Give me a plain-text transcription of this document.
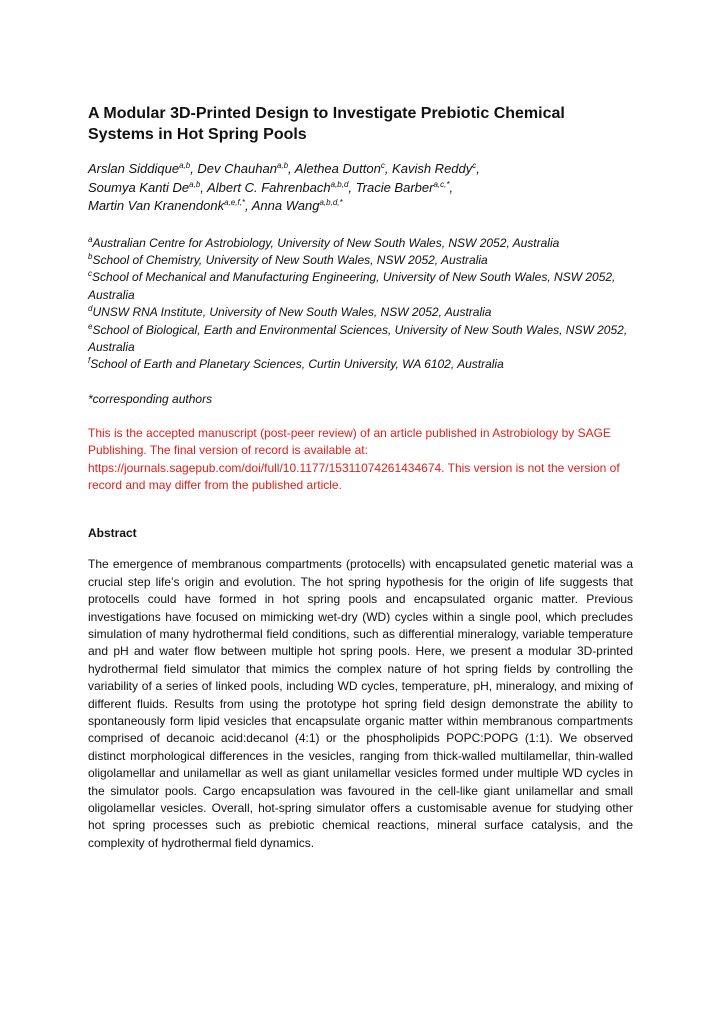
A Modular 3D-Printed Design to Investigate Prebiotic Chemical Systems in Hot Spring Pools
Arslan Siddique$^{a,b}$, Dev Chauhan$^{a,b}$, Alethea Dutton$^c$, Kavish Reddy$^c$,
Soumya Kanti De$^{a,b}$, Albert C. Fahrenbach$^{a,b,d}$, Tracie Barber$^{a,c,*}$,
Martin Van Kranendonk$^{a,e,f,*}$, Anna Wang$^{a,b,d,*}$

$^a$Australian Centre for Astrobiology, University of New South Wales, NSW 2052, Australia

$^b$School of Chemistry, University of New South Wales, NSW 2052, Australia

$^c$School of Mechanical and Manufacturing Engineering, University of New South Wales, NSW 2052, Australia

$^d$UNSW RNA Institute, University of New South Wales, NSW 2052, Australia

$^e$School of Biological, Earth and Environmental Sciences, University of New South Wales, NSW 2052, Australia

$^f$School of Earth and Planetary Sciences, Curtin University, WA 6102, Australia

*corresponding authors
This is the accepted manuscript (post-peer review) of an article published in Astrobiology by SAGE Publishing. The final version of record is available at: https://journals.sagepub.com/doi/full/10.1177/15311074261434674. This version is not the version of record and may differ from the published article.
Abstract
The emergence of membranous compartments (protocells) with encapsulated genetic material was a crucial step life’s origin and evolution. The hot spring hypothesis for the origin of life suggests that protocells could have formed in hot spring pools and encapsulated organic matter. Previous investigations have focused on mimicking wet-dry (WD) cycles within a single pool, which precludes simulation of many hydrothermal field conditions, such as differential mineralogy, variable temperature and pH and water flow between multiple hot spring pools. Here, we present a modular 3D-printed hydrothermal field simulator that mimics the complex nature of hot spring fields by controlling the variability of a series of linked pools, including WD cycles, temperature, pH, mineralogy, and mixing of different fluids. Results from using the prototype hot spring field design demonstrate the ability to spontaneously form lipid vesicles that encapsulate organic matter within membranous compartments comprised of decanoic acid:decanol (4:1) or the phospholipids POPC:POPG (1:1). We observed distinct morphological differences in the vesicles, ranging from thick-walled multilamellar, thin-walled oligolamellar and unilamellar as well as giant unilamellar vesicles formed under multiple WD cycles in the simulator pools. Cargo encapsulation was favoured in the cell-like giant unilamellar and small oligolamellar vesicles. Overall, hot-spring simulator offers a customisable avenue for studying other hot spring processes such as prebiotic chemical reactions, mineral surface catalysis, and the complexity of hydrothermal field dynamics.
